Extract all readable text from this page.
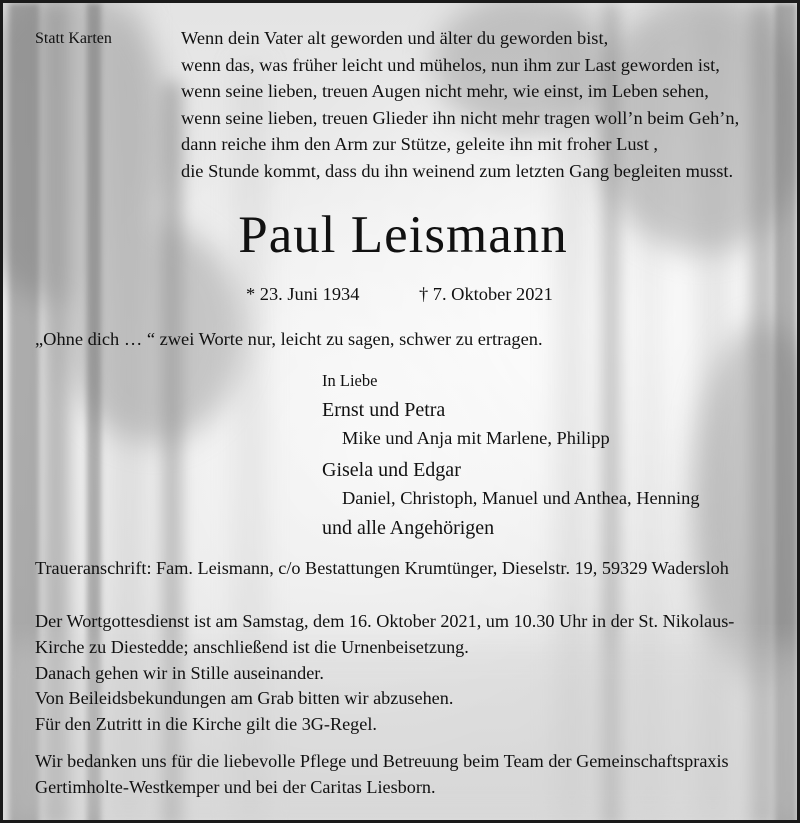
Statt Karten	Wenn dein Vater alt geworden und älter du geworden bist,
wenn das, was früher leicht und mühelos, nun ihm zur Last geworden ist,
wenn seine lieben, treuen Augen nicht mehr, wie einst, im Leben sehen,
wenn seine lieben, treuen Glieder ihn nicht mehr tragen woll’n beim Geh’n,
dann reiche ihm den Arm zur Stütze, geleite ihn mit froher Lust ,
die Stunde kommt, dass du ihn weinend zum letzten Gang begleiten musst.
Paul Leismann
* 23. Juni 1934	† 7. Oktober 2021
„Ohne dich … “ zwei Worte nur, leicht zu sagen, schwer zu ertragen.
In Liebe
Ernst und Petra
Mike und Anja mit Marlene, Philipp
Gisela und Edgar
Daniel, Christoph, Manuel und Anthea, Henning
und alle Angehörigen
Traueranschrift: Fam. Leismann, c/o Bestattungen Krumtünger, Dieselstr. 19, 59329 Wadersloh
Der Wortgottesdienst ist am Samstag, dem 16. Oktober 2021, um 10.30 Uhr in der St. Nikolaus-
Kirche zu Diestedde; anschließend ist die Urnenbeisetzung.
Danach gehen wir in Stille auseinander.
Von Beileidsbekundungen am Grab bitten wir abzusehen.
Für den Zutritt in die Kirche gilt die 3G-Regel.
Wir bedanken uns für die liebevolle Pflege und Betreuung beim Team der Gemeinschaftspraxis
Gertimholte-Westkemper und bei der Caritas Liesborn.
